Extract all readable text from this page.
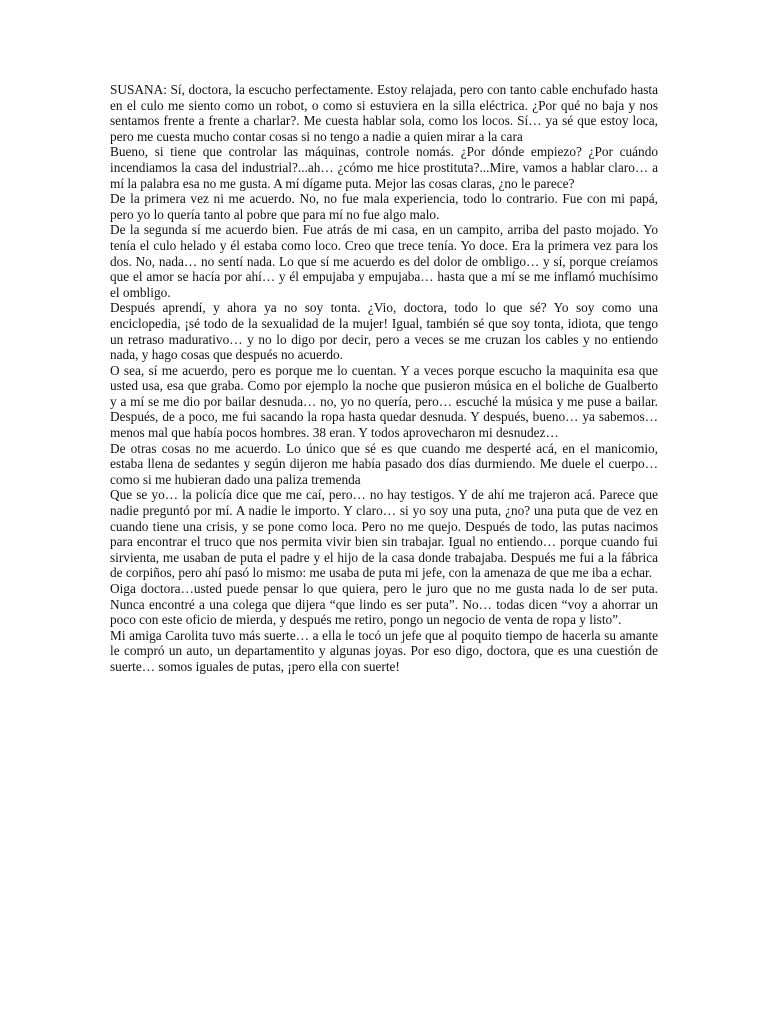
SUSANA: Sí, doctora, la escucho perfectamente. Estoy relajada, pero con tanto cable enchufado hasta en el culo me siento como un robot, o como si estuviera en la silla eléctrica. ¿Por qué no baja y nos sentamos frente a frente a charlar?. Me cuesta hablar sola, como los locos. Sí… ya sé que estoy loca, pero me cuesta mucho contar cosas si no tengo a nadie a quien mirar a la cara

Bueno, si tiene que controlar las máquinas, controle nomás. ¿Por dónde empiezo? ¿Por cuándo incendiamos la casa del industrial?...ah… ¿cómo me hice prostituta?...Mire, vamos a hablar claro… a mí la palabra esa no me gusta. A mí dígame puta. Mejor las cosas claras, ¿no le parece?

De la primera vez ni me acuerdo. No, no fue mala experiencia, todo lo contrario. Fue con mi papá, pero yo lo quería tanto al pobre que para mí no fue algo malo.

De la segunda sí me acuerdo bien. Fue atrás de mi casa, en un campito, arriba del pasto mojado. Yo tenía el culo helado y él estaba como loco. Creo que trece tenía. Yo doce. Era la primera vez para los dos. No, nada… no sentí nada. Lo que sí me acuerdo es del dolor de ombligo… y sí, porque creíamos que el amor se hacía por ahí… y él empujaba y empujaba… hasta que a mí se me inflamó muchísimo el ombligo.

Después aprendí, y ahora ya no soy tonta. ¿Vio, doctora, todo lo que sé? Yo soy como una enciclopedia, ¡sé todo de la sexualidad de la mujer! Igual, también sé que soy tonta, idiota, que tengo un retraso madurativo… y no lo digo por decir, pero a veces se me cruzan los cables y no entiendo nada, y hago cosas que después no acuerdo.

O sea, sí me acuerdo, pero es porque me lo cuentan. Y a veces porque escucho la maquinita esa que usted usa, esa que graba. Como por ejemplo la noche que pusieron música en el boliche de Gualberto y a mí se me dio por bailar desnuda… no, yo no quería, pero… escuché la música y me puse a bailar. Después, de a poco, me fui sacando la ropa hasta quedar desnuda. Y después, bueno… ya sabemos… menos mal que había pocos hombres. 38 eran. Y todos aprovecharon mi desnudez…

De otras cosas no me acuerdo. Lo único que sé es que cuando me desperté acá, en el manicomio, estaba llena de sedantes y según dijeron me había pasado dos días durmiendo. Me duele el cuerpo…como si me hubieran dado una paliza tremenda

Que se yo… la policía dice que me caí, pero… no hay testigos. Y de ahí me trajeron acá. Parece que nadie preguntó por mí. A nadie le importo. Y claro… si yo soy una puta, ¿no? una puta que de vez en cuando tiene una crisis, y se pone como loca. Pero no me quejo. Después de todo, las putas nacimos para encontrar el truco que nos permita vivir bien sin trabajar. Igual no entiendo… porque cuando fui sirvienta, me usaban de puta el padre y el hijo de la casa donde trabajaba. Después me fui a la fábrica de corpiños, pero ahí pasó lo mismo: me usaba de puta mi jefe, con la amenaza de que me iba a echar.

Oiga doctora…usted puede pensar lo que quiera, pero le juro que no me gusta nada lo de ser puta. Nunca encontré a una colega que dijera “que lindo es ser puta”. No… todas dicen “voy a ahorrar un poco con este oficio de mierda, y después me retiro, pongo un negocio de venta de ropa y listo”.

Mi amiga Carolita tuvo más suerte… a ella le tocó un jefe que al poquito tiempo de hacerla su amante le compró un auto, un departamentito y algunas joyas. Por eso digo, doctora, que es una cuestión de suerte… somos iguales de putas, ¡pero ella con suerte!
